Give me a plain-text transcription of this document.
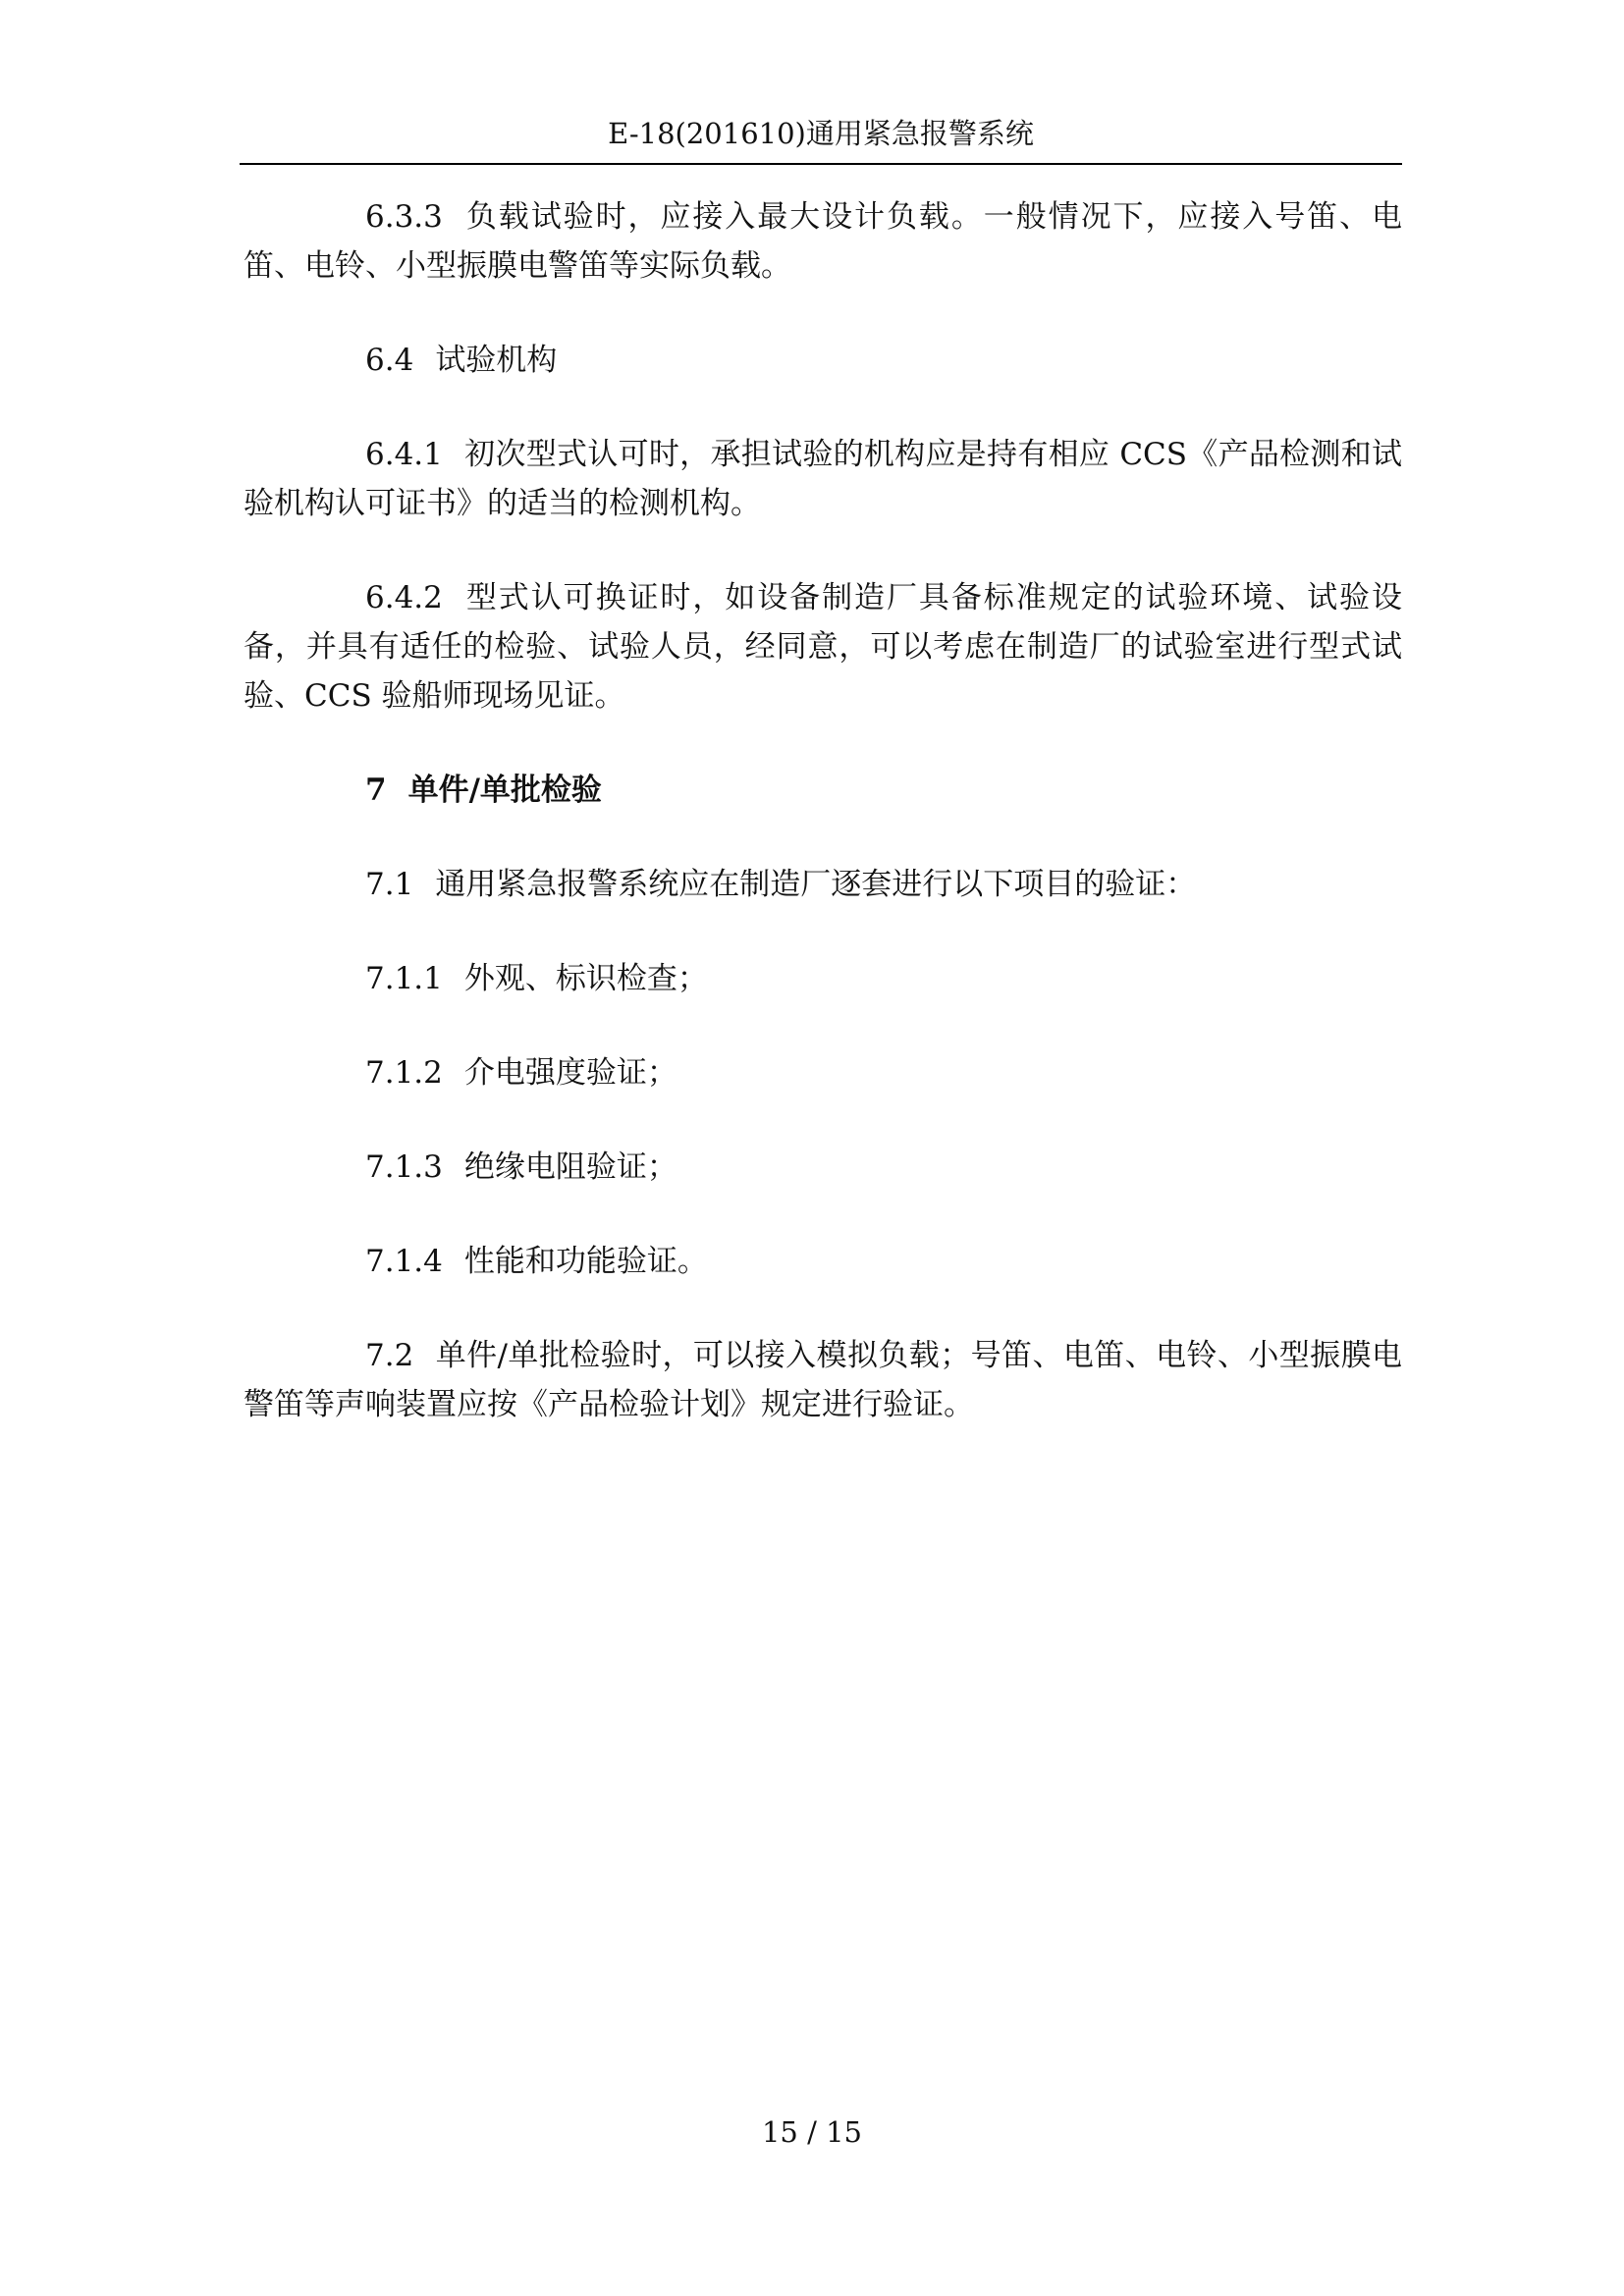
E-18(201610)通用紧急报警系统

6.3.3 负载试验时，应接入最大设计负载。一般情况下，应接入号笛、电笛、电铃、小型振膜电警笛等实际负载。

6.4 试验机构

6.4.1 初次型式认可时，承担试验的机构应是持有相应 CCS《产品检测和试验机构认可证书》的适当的检测机构。

6.4.2 型式认可换证时，如设备制造厂具备标准规定的试验环境、试验设备，并具有适任的检验、试验人员，经同意，可以考虑在制造厂的试验室进行型式试验、CCS 验船师现场见证。

7 单件/单批检验

7.1 通用紧急报警系统应在制造厂逐套进行以下项目的验证：

7.1.1 外观、标识检查；

7.1.2 介电强度验证；

7.1.3 绝缘电阻验证；

7.1.4 性能和功能验证。

7.2 单件/单批检验时，可以接入模拟负载；号笛、电笛、电铃、小型振膜电警笛等声响装置应按《产品检验计划》规定进行验证。

15 / 15
